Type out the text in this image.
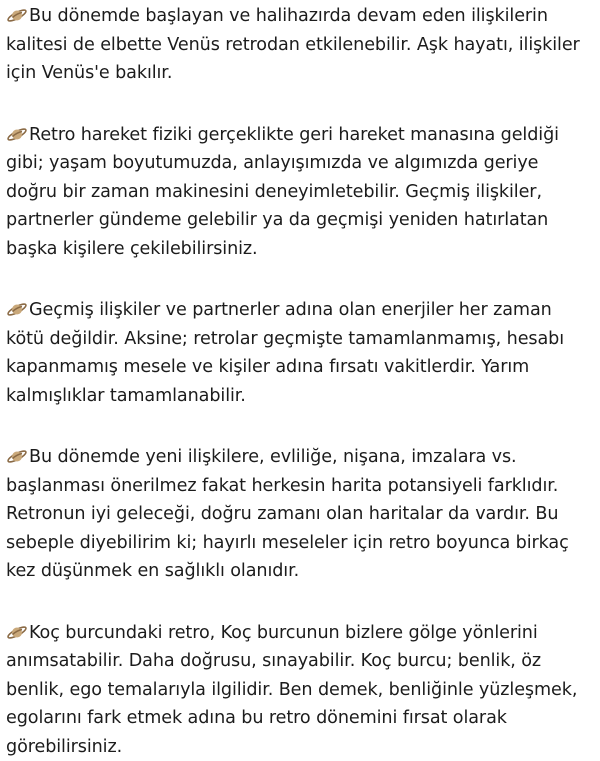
Bu dönemde başlayan ve halihazırda devam eden ilişkilerin kalitesi de elbette Venüs retrodan etkilenebilir. Aşk hayatı, ilişkiler için Venüs'e bakılır.

Retro hareket fiziki gerçeklikte geri hareket manasına geldiği gibi; yaşam boyutumuzda, anlayışımızda ve algımızda geriye doğru bir zaman makinesini deneyimletebilir. Geçmiş ilişkiler, partnerler gündeme gelebilir ya da geçmişi yeniden hatırlatan başka kişilere çekilebilirsiniz.

Geçmiş ilişkiler ve partnerler adına olan enerjiler her zaman kötü değildir. Aksine; retrolar geçmişte tamamlanmamış, hesabı kapanmamış mesele ve kişiler adına fırsatı vakitlerdir. Yarım kalmışlıklar tamamlanabilir.

Bu dönemde yeni ilişkilere, evliliğe, nişana, imzalara vs. başlanması önerilmez fakat herkesin harita potansiyeli farklıdır. Retronun iyi geleceği, doğru zamanı olan haritalar da vardır. Bu sebeple diyebilirim ki; hayırlı meseleler için retro boyunca birkaç kez düşünmek en sağlıklı olanıdır.

Koç burcundaki retro, Koç burcunun bizlere gölge yönlerini anımsatabilir. Daha doğrusu, sınayabilir. Koç burcu; benlik, öz benlik, ego temalarıyla ilgilidir. Ben demek, benliğinle yüzleşmek, egolarını fark etmek adına bu retro dönemini fırsat olarak görebilirsiniz.
